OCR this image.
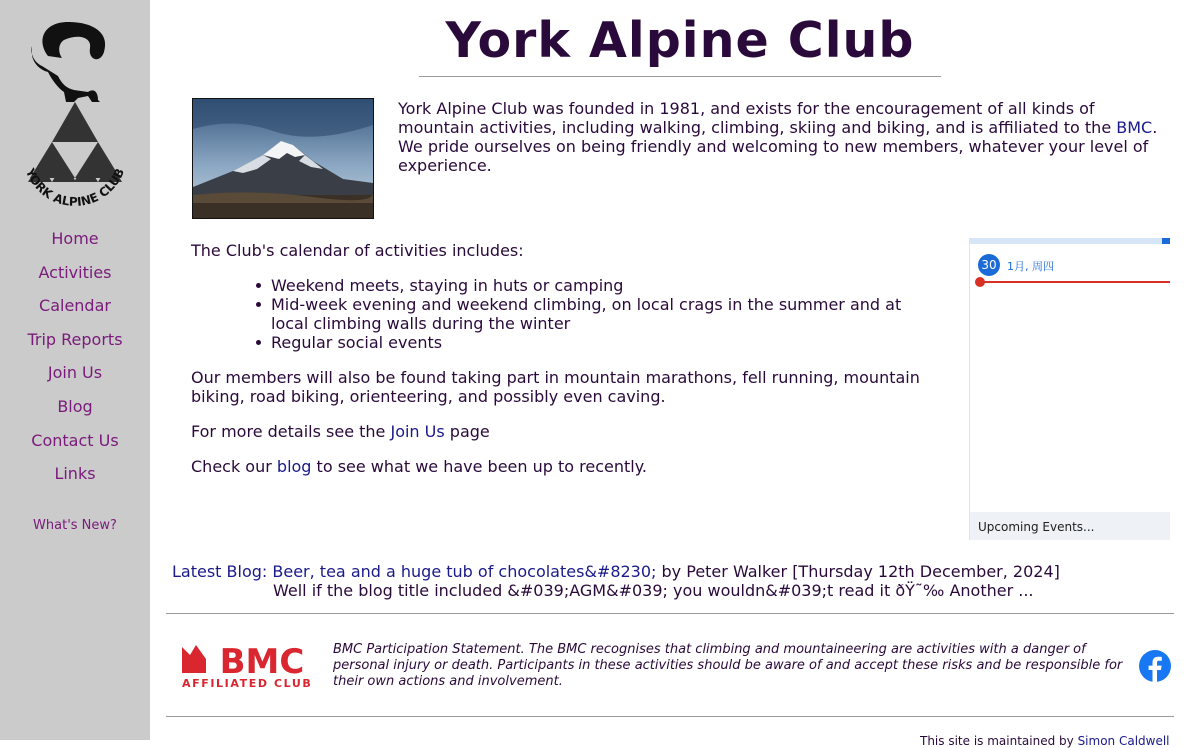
YORK ALPINE CLUB
Home
Activities
Calendar
Trip Reports
Join Us
Blog
Contact Us
Links
What's New?
York Alpine Club

York Alpine Club was founded in 1981, and exists for the encouragement of all kinds of mountain activities, including walking, climbing, skiing and biking, and is affiliated to the BMC. We pride ourselves on being friendly and welcoming to new members, whatever your level of experience.

The Club's calendar of activities includes:

Weekend meets, staying in huts or camping
Mid-week evening and weekend climbing, on local crags in the summer and at local climbing walls during the winter
Regular social events

Our members will also be found taking part in mountain marathons, fell running, mountain biking, road biking, orienteering, and possibly even caving.

For more details see the Join Us page

Check our blog to see what we have been up to recently.

30 1月, 周四
Upcoming Events...
Latest Blog: Beer, tea and a huge tub of chocolates&#8230; by Peter Walker [Thursday 12th December, 2024]
Well if the blog title included &#039;AGM&#039; you wouldn&#039;t read it ðŸ˜‰ Another ...
BMC
AFFILIATED CLUB

BMC Participation Statement. The BMC recognises that climbing and mountaineering are activities with a danger of personal injury or death. Participants in these activities should be aware of and accept these risks and be responsible for their own actions and involvement.

This site is maintained by Simon Caldwell
